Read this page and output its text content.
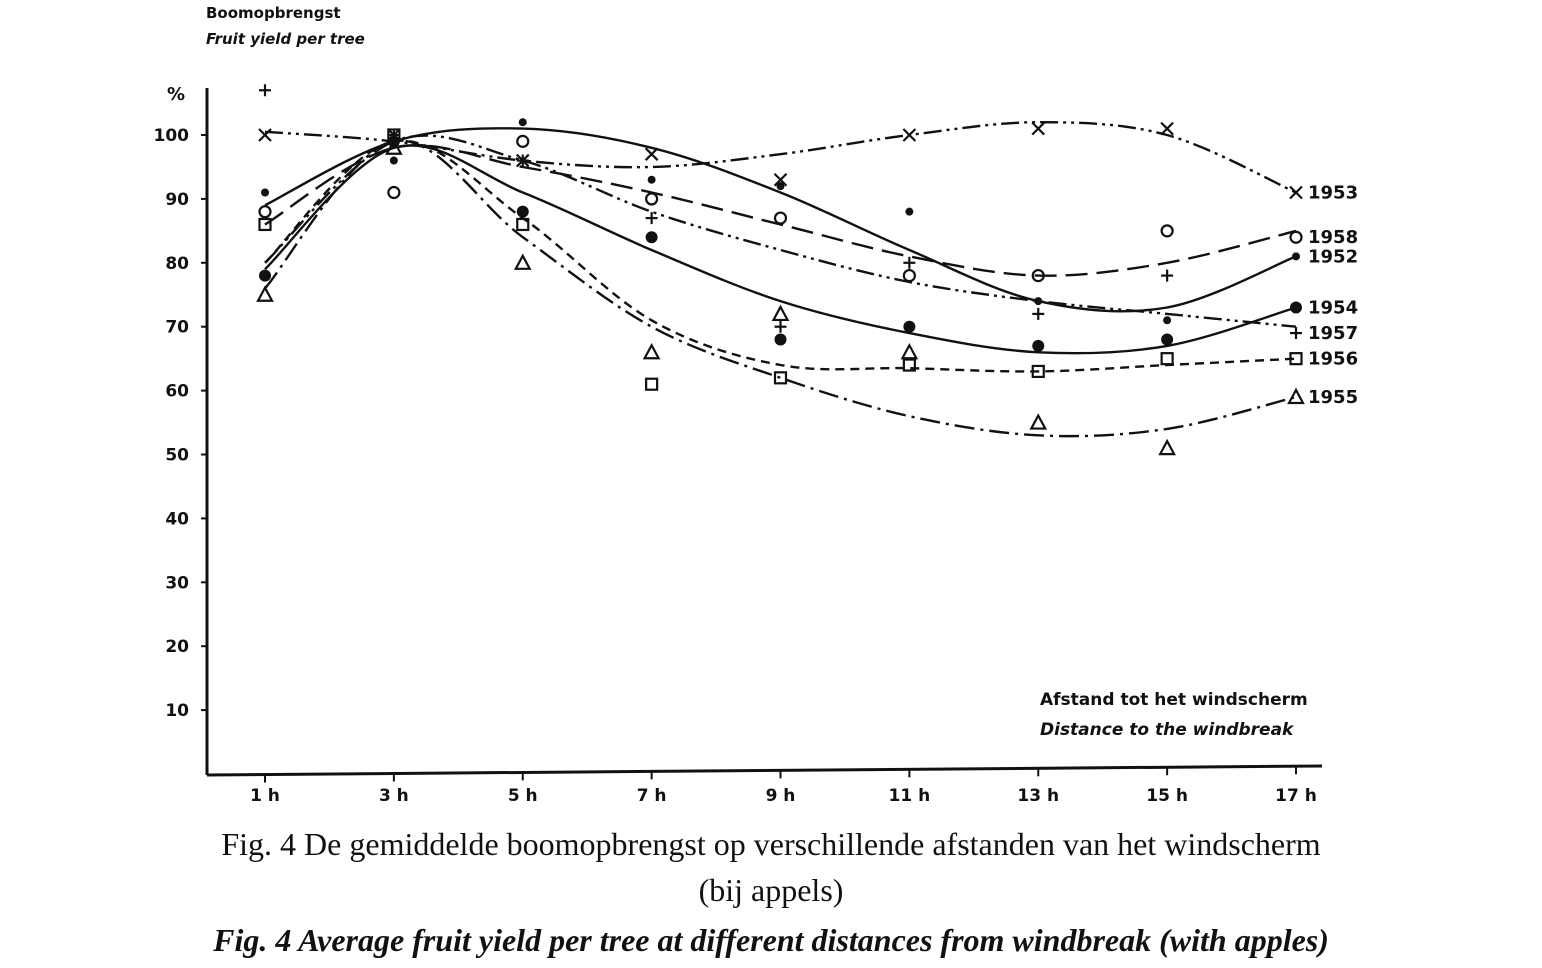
10
20
30
40
50
60
70
80
90
100
%
1 h	3 h	5 h	7 h	9 h	11 h	13 h	15 h	17 h
1953
1958
1952
1954
1957
1956
1955
Boomopbrengst
Fruit yield per tree
Afstand tot het windscherm
Distance to the windbreak
Fig. 4 De gemiddelde boomopbrengst op verschillende afstanden van het windscherm
(bij appels)
Fig. 4 Average fruit yield per tree at different distances from windbreak (with apples)
